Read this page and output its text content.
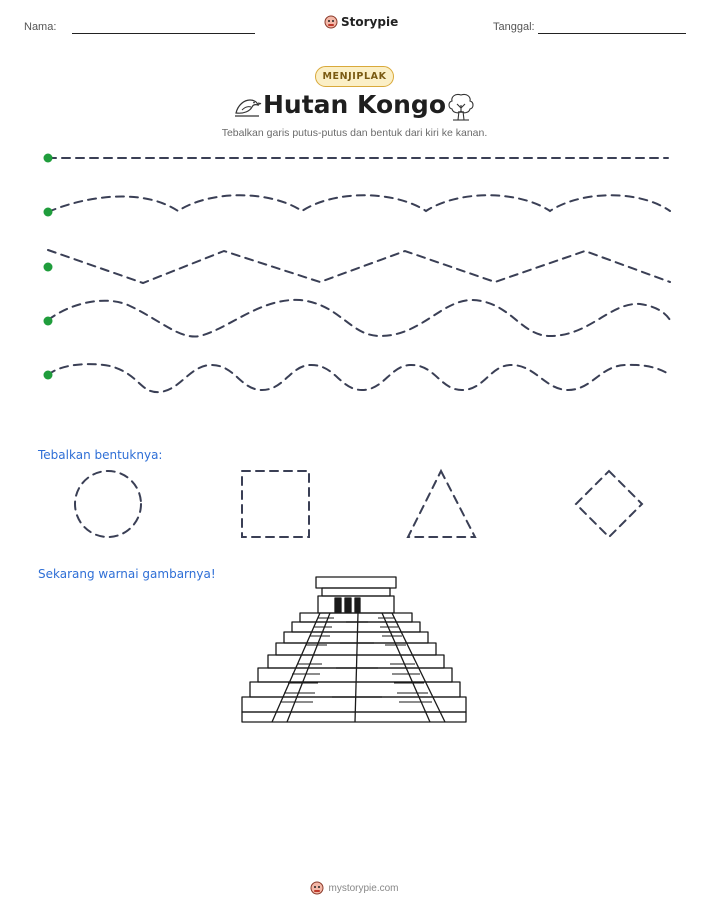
Nama:	Storypie	Tanggal:
MENJIPLAK
Hutan Kongo
Tebalkan garis putus-putus dan bentuk dari kiri ke kanan.
Tebalkan bentuknya:
Sekarang warnai gambarnya!
mystorypie.com
